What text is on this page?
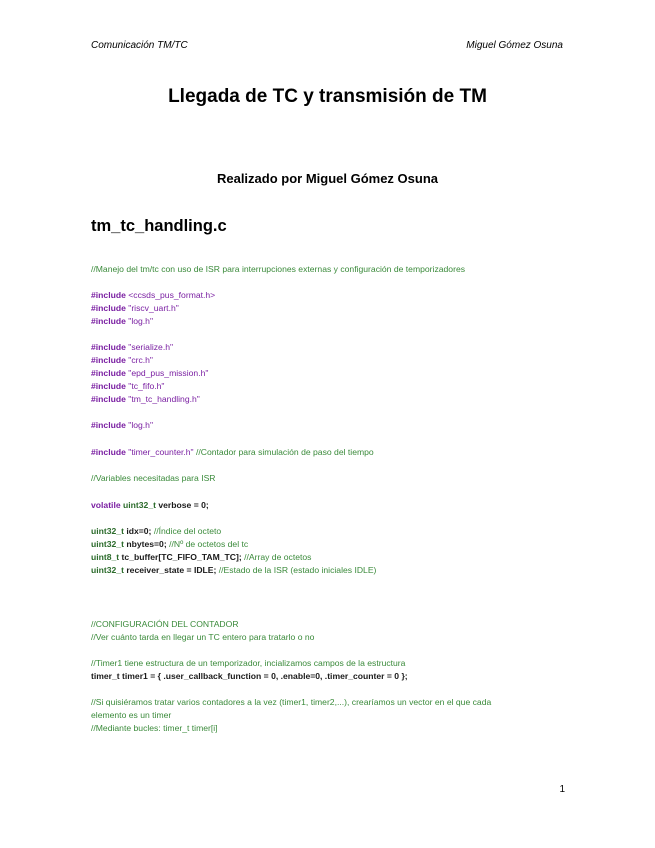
Comunicación TM/TC	Miguel Gómez Osuna
Llegada de TC y transmisión de TM
Realizado por Miguel Gómez Osuna
tm_tc_handling.c
//Manejo del tm/tc con uso de ISR para interrupciones externas y configuración de temporizadores
#include <ccsds_pus_format.h>
#include "riscv_uart.h"
#include "log.h"
#include "serialize.h"
#include "crc.h"
#include "epd_pus_mission.h"
#include "tc_fifo.h"
#include "tm_tc_handling.h"
#include "log.h"
#include "timer_counter.h" //Contador para simulación de paso del tiempo
//Variables necesitadas para ISR
volatile uint32_t verbose = 0;
uint32_t idx=0; //Índice del octeto
uint32_t nbytes=0; //Nº de octetos del tc
uint8_t tc_buffer[TC_FIFO_TAM_TC]; //Array de octetos
uint32_t receiver_state = IDLE; //Estado de la ISR (estado iniciales IDLE)
//CONFIGURACIÓN DEL CONTADOR
//Ver cuánto tarda en llegar un TC entero para tratarlo o no
//Timer1 tiene estructura de un temporizador, incializamos campos de la estructura
timer_t timer1 = { .user_callback_function = 0, .enable=0, .timer_counter = 0 };
//Si quisiéramos tratar varios contadores a la vez (timer1, timer2,...), crearíamos un vector en el que cada
elemento es un timer
//Mediante bucles: timer_t timer[i]
1
